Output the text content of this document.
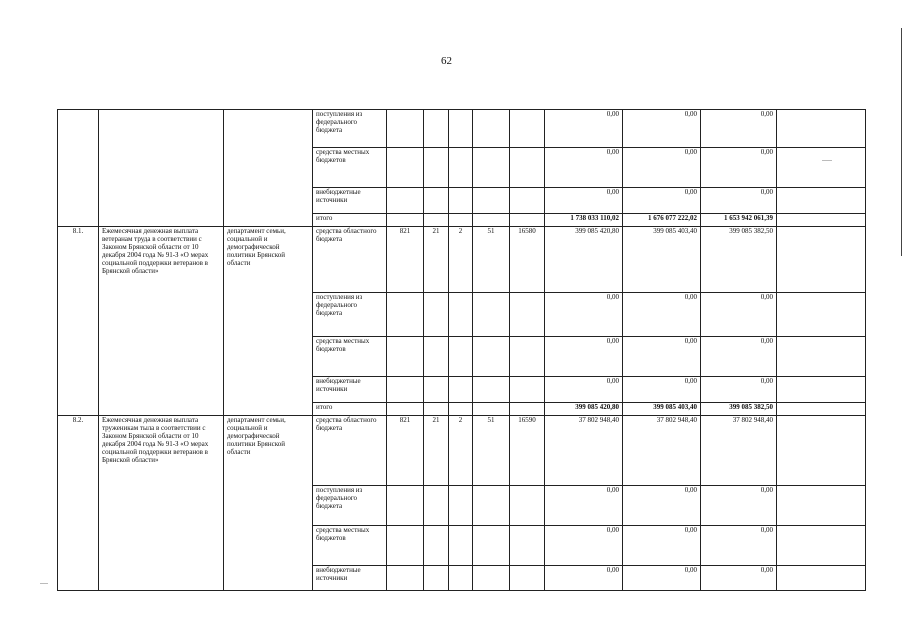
62
			поступления из федерального бюджета						0,00	0,00	0,00	
			средства местных бюджетов						0,00	0,00	0,00	
			внебюджетные источники						0,00	0,00	0,00	
			итого						1 738 033 110,02	1 676 077 222,02	1 653 942 061,39	
8.1.	Ежемесячная денежная выплата ветеранам труда в соответствии с Законом Брянской области от 10 декабря 2004 года № 91-З «О мерах социальной поддержки ветеранов в Брянской области»	департамент семьи, социальной и демографической политики Брянской области	средства областного бюджета	821	21	2	51	16580	399 085 420,80	399 085 403,40	399 085 382,50	
			поступления из федерального бюджета						0,00	0,00	0,00	
			средства местных бюджетов						0,00	0,00	0,00	
			внебюджетные источники						0,00	0,00	0,00	
			итого						399 085 420,80	399 085 403,40	399 085 382,50	
8.2.	Ежемесячная денежная выплата труженикам тыла в соответствии с Законом Брянской области от 10 декабря 2004 года № 91-З «О мерах социальной поддержки ветеранов в Брянской области»	департамент семьи, социальной и демографической политики Брянской области	средства областного бюджета	821	21	2	51	16590	37 802 948,40	37 802 948,40	37 802 948,40	
			поступления из федерального бюджета						0,00	0,00	0,00	
			средства местных бюджетов						0,00	0,00	0,00	
			внебюджетные источники						0,00	0,00	0,00	
